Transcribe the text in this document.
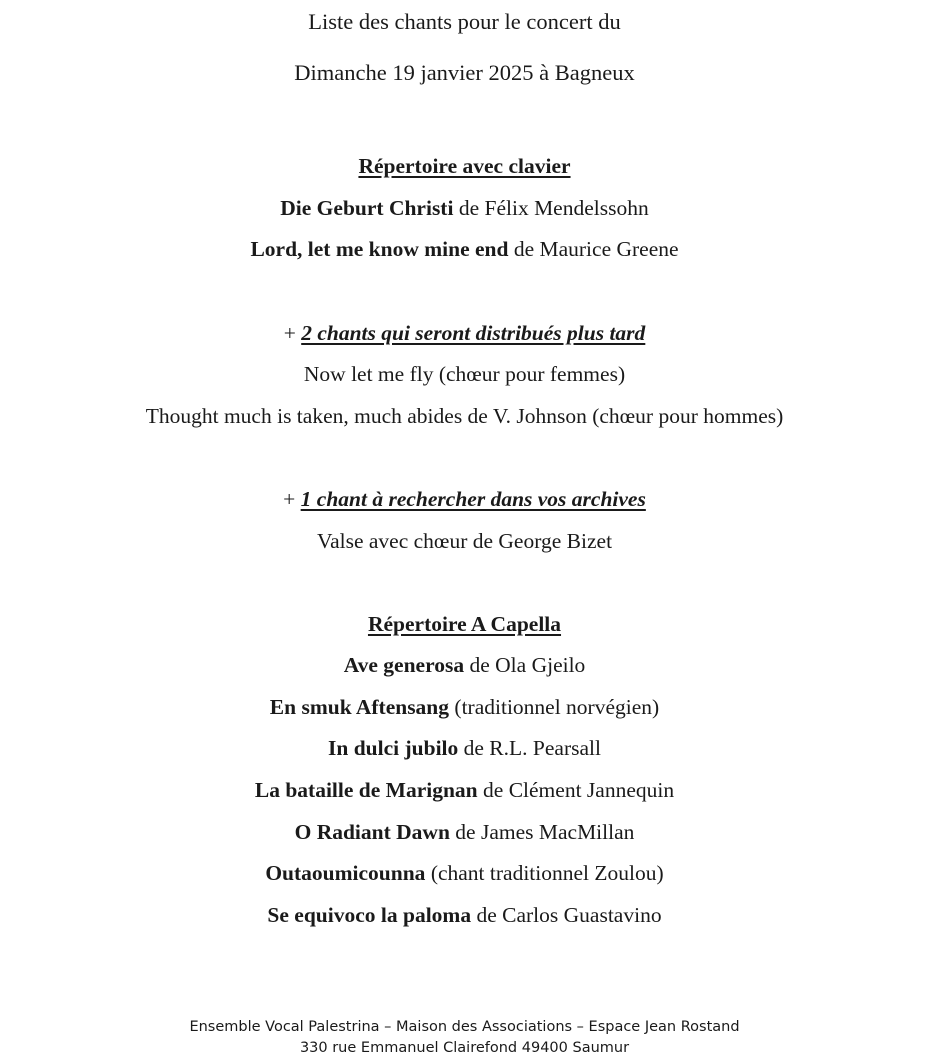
Liste des chants pour le concert du
Dimanche 19 janvier 2025 à Bagneux
Répertoire avec clavier
Die Geburt Christi de Félix Mendelssohn
Lord, let me know mine end de Maurice Greene
+ 2 chants qui seront distribués plus tard
Now let me fly (chœur pour femmes)
Thought much is taken, much abides de V. Johnson (chœur pour hommes)
+ 1 chant à rechercher dans vos archives
Valse avec chœur de George Bizet
Répertoire A Capella
Ave generosa de Ola Gjeilo
En smuk Aftensang (traditionnel norvégien)
In dulci jubilo de R.L. Pearsall
La bataille de Marignan de Clément Jannequin
O Radiant Dawn de James MacMillan
Outaoumicounna (chant traditionnel Zoulou)
Se equivoco la paloma de Carlos Guastavino
Ensemble Vocal Palestrina – Maison des Associations – Espace Jean Rostand
330 rue Emmanuel Clairefond 49400 Saumur
